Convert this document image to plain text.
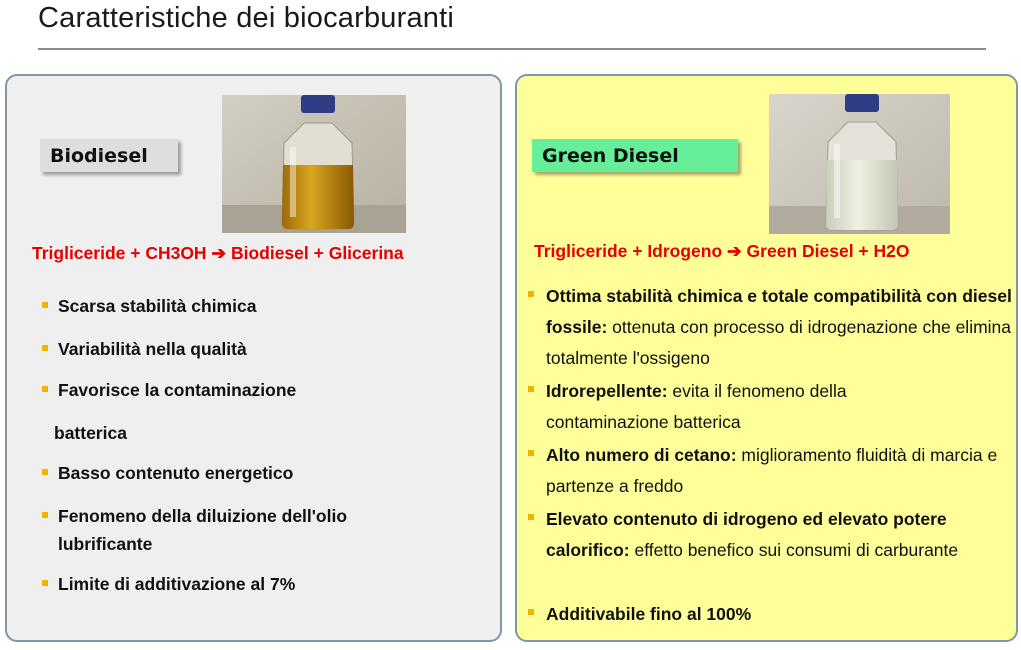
Caratteristiche dei biocarburanti
Biodiesel
Trigliceride + CH3OH ➔ Biodiesel + Glicerina
Scarsa stabilità chimica
Variabilità nella qualità
Favorisce la contaminazione
batterica
Basso contenuto energetico
Fenomeno della diluizione dell'olio
lubrificante
Limite di additivazione al 7%
Green Diesel
Trigliceride + Idrogeno ➔ Green Diesel + H2O
Ottima stabilità chimica e totale compatibilità con diesel fossile: ottenuta con processo di idrogenazione che elimina totalmente l'ossigeno
Idrorepellente: evita il fenomeno della contaminazione batterica
Alto numero di cetano: miglioramento fluidità di marcia e partenze a freddo
Elevato contenuto di idrogeno ed elevato potere calorifico: effetto benefico sui consumi di carburante
Additivabile fino al 100%
